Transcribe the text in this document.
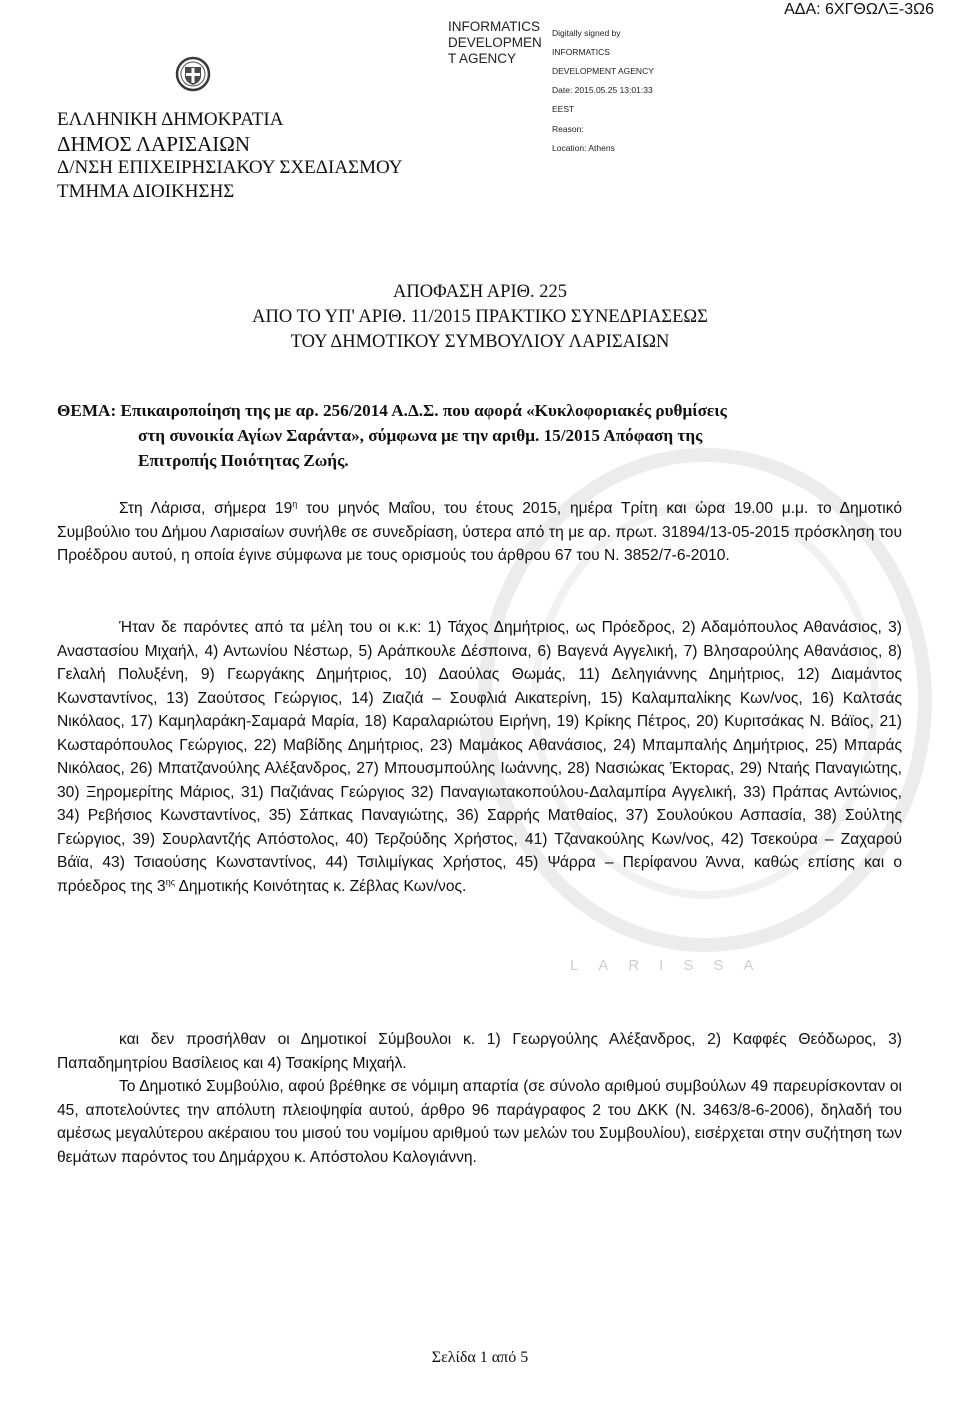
LARISSA
INFORMATICS
DEVELOPMEN
T AGENCY

Digitally signed by

INFORMATICS

DEVELOPMENT AGENCY

Date: 2015.05.25 13:01:33

EEST

Reason:

Location: Athens

ΑΔΑ: 6ΧΓΘΩΛΞ-3Ω6
ΕΛΛΗΝΙΚΗ ΔΗΜΟΚΡΑΤΙΑ
ΔΗΜΟΣ ΛΑΡΙΣΑΙΩΝ
Δ/ΝΣΗ ΕΠΙΧΕΙΡΗΣΙΑΚΟΥ ΣΧΕΔΙΑΣΜΟΥ
ΤΜΗΜΑ ΔΙΟΙΚΗΣΗΣ
ΑΠΟΦΑΣΗ ΑΡΙΘ. 225
ΑΠΟ ΤΟ ΥΠ' ΑΡΙΘ. 11/2015 ΠΡΑΚΤΙΚΟ ΣΥΝΕΔΡΙΑΣΕΩΣ
ΤΟΥ ΔΗΜΟΤΙΚΟΥ ΣΥΜΒΟΥΛΙΟΥ ΛΑΡΙΣΑΙΩΝ
ΘΕΜΑ: Επικαιροποίηση της με αρ. 256/2014 Α.Δ.Σ. που αφορά «Κυκλοφοριακές ρυθμίσεις
στη συνοικία Αγίων Σαράντα», σύμφωνα με την αριθμ. 15/2015 Απόφαση της
Επιτροπής Ποιότητας Ζωής.
Στη Λάρισα, σήμερα $19^\eta$ του μηνός Μαΐου, του έτους 2015, ημέρα Τρίτη και ώρα 19.00 μ.μ. το Δημοτικό Συμβούλιο του Δήμου Λαρισαίων συνήλθε σε συνεδρίαση, ύστερα από τη με αρ. πρωτ. 31894/13-05-2015 πρόσκληση του Προέδρου αυτού, η οποία έγινε σύμφωνα με τους ορισμούς του άρθρου 67 του Ν. 3852/7-6-2010.
Ήταν δε παρόντες από τα μέλη του οι κ.κ: 1) Τάχος Δημήτριος, ως Πρόεδρος, 2) Αδαμόπουλος Αθανάσιος, 3) Αναστασίου Μιχαήλ, 4) Αντωνίου Νέστωρ, 5) Αράπκουλε Δέσποινα, 6) Βαγενά Αγγελική, 7) Βλησαρούλης Αθανάσιος, 8) Γελαλή Πολυξένη, 9) Γεωργάκης Δημήτριος, 10) Δαούλας Θωμάς, 11) Δεληγιάννης Δημήτριος, 12) Διαμάντος Κωνσταντίνος, 13) Ζαούτσος Γεώργιος, 14) Ζιαζιά – Σουφλιά Αικατερίνη, 15) Καλαμπαλίκης Κων/νος, 16) Καλτσάς Νικόλαος, 17) Καμηλαράκη-Σαμαρά Μαρία, 18) Καραλαριώτου Ειρήνη, 19) Κρίκης Πέτρος, 20) Κυριτσάκας Ν. Βάϊος, 21) Κωσταρόπουλος Γεώργιος, 22) Μαβίδης Δημήτριος, 23) Μαμάκος Αθανάσιος, 24) Μπαμπαλής Δημήτριος, 25) Μπαράς Νικόλαος, 26) Μπατζανούλης Αλέξανδρος, 27) Μπουσμπούλης Ιωάννης, 28) Νασιώκας Έκτορας, 29) Νταής Παναγιώτης, 30) Ξηρομερίτης Μάριος, 31) Παζιάνας Γεώργιος 32) Παναγιωτακοπούλου-Δαλαμπίρα Αγγελική, 33) Πράπας Αντώνιος, 34) Ρεβήσιος Κωνσταντίνος, 35) Σάπκας Παναγιώτης, 36) Σαρρής Ματθαίος, 37) Σουλούκου Ασπασία, 38) Σούλτης Γεώργιος, 39) Σουρλαντζής Απόστολος, 40) Τερζούδης Χρήστος, 41) Τζανακούλης Κων/νος, 42) Τσεκούρα – Ζαχαρού Βάϊα, 43) Τσιαούσης Κωνσταντίνος, 44) Τσιλιμίγκας Χρήστος, 45) Ψάρρα – Περίφανου Άννα, καθώς επίσης και ο πρόεδρος της $3^{\eta\varsigma}$ Δημοτικής Κοινότητας κ. Ζέβλας Κων/νος.
και δεν προσήλθαν οι Δημοτικοί Σύμβουλοι κ. 1) Γεωργούλης Αλέξανδρος, 2) Καφφές Θεόδωρος, 3) Παπαδημητρίου Βασίλειος και 4) Τσακίρης Μιχαήλ.
Το Δημοτικό Συμβούλιο, αφού βρέθηκε σε νόμιμη απαρτία (σε σύνολο αριθμού συμβούλων 49 παρευρίσκονταν οι 45, αποτελούντες την απόλυτη πλειοψηφία αυτού, άρθρο 96 παράγραφος 2 του ΔΚΚ (Ν. 3463/8-6-2006), δηλαδή του αμέσως μεγαλύτερου ακέραιου του μισού του νομίμου αριθμού των μελών του Συμβουλίου), εισέρχεται στην συζήτηση των θεμάτων παρόντος του Δημάρχου κ. Απόστολου Καλογιάννη.
Σελίδα 1 από 5
